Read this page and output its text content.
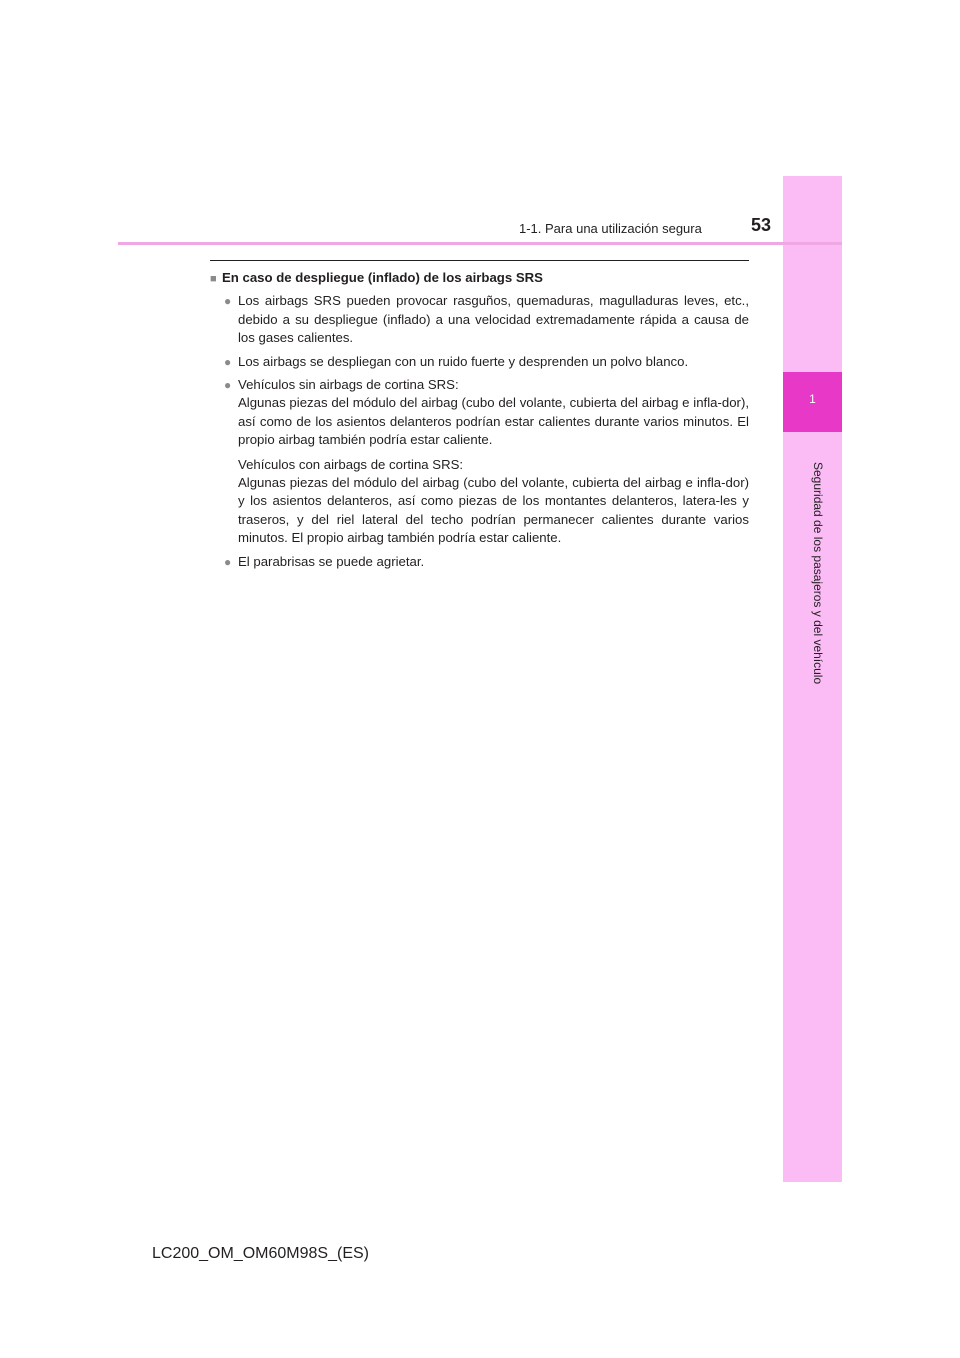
1
Seguridad de los pasajeros y del vehículo
1-1. Para una utilización segura	53
■ En caso de despliegue (inflado) de los airbags SRS
● Los airbags SRS pueden provocar rasguños, quemaduras, magulladuras leves, etc., debido a su despliegue (inflado) a una velocidad extremadamente rápida a causa de los gases calientes.

● Los airbags se despliegan con un ruido fuerte y desprenden un polvo blanco.

● Vehículos sin airbags de cortina SRS:
Algunas piezas del módulo del airbag (cubo del volante, cubierta del airbag e infla-dor), así como de los asientos delanteros podrían estar calientes durante varios minutos. El propio airbag también podría estar caliente.

Vehículos con airbags de cortina SRS:
Algunas piezas del módulo del airbag (cubo del volante, cubierta del airbag e infla-dor) y los asientos delanteros, así como piezas de los montantes delanteros, latera-les y traseros, y del riel lateral del techo podrían permanecer calientes durante varios minutos. El propio airbag también podría estar caliente.

● El parabrisas se puede agrietar.

LC200_OM_OM60M98S_(ES)
